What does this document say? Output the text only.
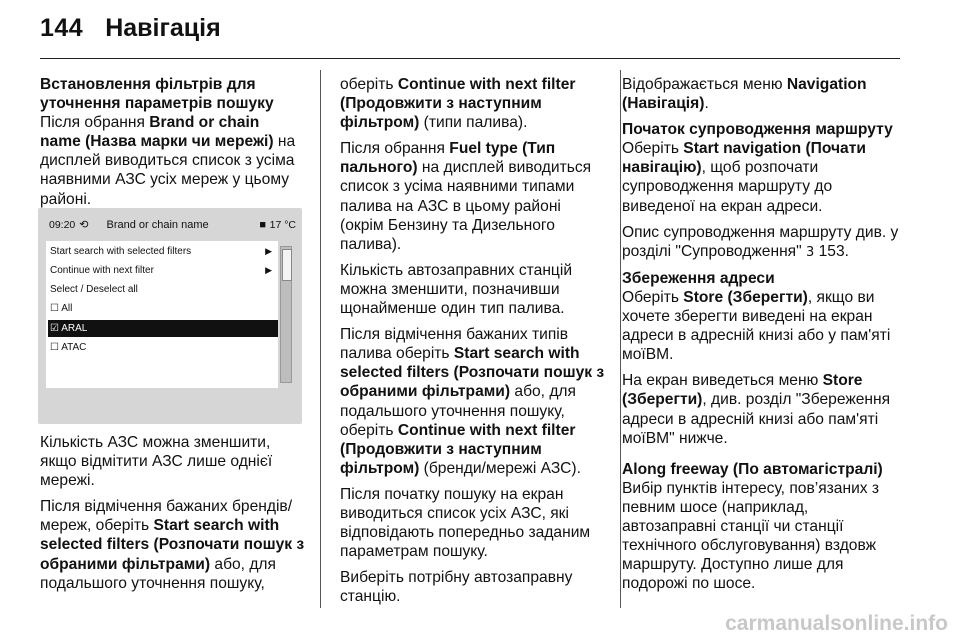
144 Навігація

Встановлення фільтрів для уточнення параметрів пошуку

Після обрання Brand or chain name (Назва марки чи мережі) на дисплей виводиться список з усіма наявними АЗС усіх мереж у цьому районі.

09:20 ⟲ Brand or chain name	■ 17 °C
Start search with selected filters	▶
Continue with next filter	▶
Select / Deselect all
☐ All
☑ ARAL
☐ ATAC

Кількість АЗС можна зменшити, якщо відмітити АЗС лише однієї мережі.

Після відмічення бажаних брендів/мереж, оберіть Start search with selected filters (Розпочати пошук з обраними фільтрами) або, для подальшого уточнення пошуку,

оберіть Continue with next filter (Продовжити з наступним фільтром) (типи палива).

Після обрання Fuel type (Тип пального) на дисплей виводиться список з усіма наявними типами палива на АЗС в цьому районі (окрім Бензину та Дизельного палива).

Кількість автозаправних станцій можна зменшити, позначивши щонайменше один тип палива.

Після відмічення бажаних типів палива оберіть Start search with selected filters (Розпочати пошук з обраними фільтрами) або, для подальшого уточнення пошуку, оберіть Continue with next filter (Продовжити з наступним фільтром) (бренди/мережі АЗС).

Після початку пошуку на екран виводиться список усіх АЗС, які відповідають попередньо заданим параметрам пошуку.

Виберіть потрібну автозаправну станцію.

Відображається меню Navigation (Навігація).

Початок супроводження маршруту

Оберіть Start navigation (Почати навігацію), щоб розпочати супроводження маршруту до виведеної на екран адреси.

Опис супроводження маршруту див. у розділі "Супроводження" 3 153.

Збереження адреси

Оберіть Store (Зберегти), якщо ви хочете зберегти виведені на екран адреси в адресній книзі або у пам'яті моїВМ.

На екран виведеться меню Store (Зберегти), див. розділ "Збереження адреси в адресній книзі або пам'яті моїВМ" нижче.

Along freeway (По автомагістралі)

Вибір пунктів інтересу, пов’язаних з певним шосе (наприклад, автозаправні станції чи станції технічного обслуговування) вздовж маршруту. Доступно лише для подорожі по шосе.

carmanualsonline.info
